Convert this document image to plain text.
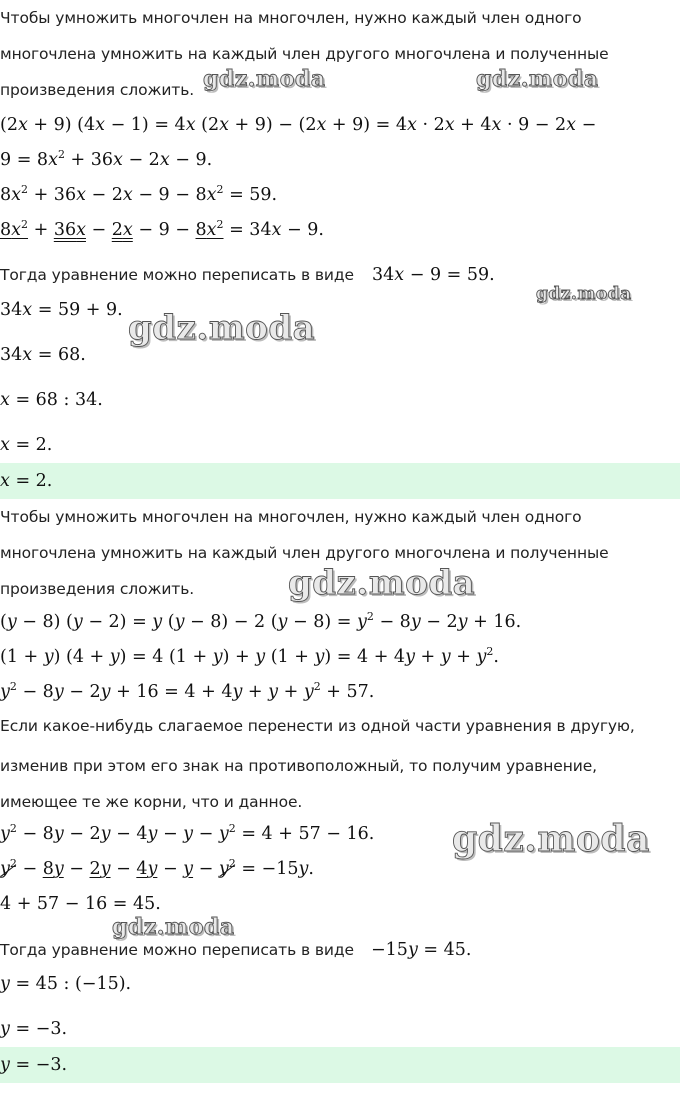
Чтобы умножить многочлен на многочлен, нужно каждый член одного

многочлена умножить на каждый член другого многочлена и полученные

произведения сложить. gdz.moda	gdz.moda
(2x + 9) (4x − 1) = 4x (2x + 9) − (2x + 9) = 4x · 2x + 4x · 9 − 2x −
$9 = 8x^2 + 36x - 2x - 9$.
$8x^2 + 36x - 2x - 9 - 8x^2 = 59$.
$8x^2 + 36x - 2x - 9 - 8x^2 = 34x - 9$.

Тогда уравнение можно переписать в виде 34x − 9 = 59.
gdz.moda
34x = 59 + 9. gdz.moda
34x = 68.
x = 68 : 34.
x = 2.
x = 2.

Чтобы умножить многочлен на многочлен, нужно каждый член одного

многочлена умножить на каждый член другого многочлена и полученные

произведения сложить.	gdz.moda
(y − 8) (y − 2) = y (y − 8) − 2 $(y - 8) = y^2 - 8y - 2y + 16$.
(1 + y) (4 + y) = 4 (1 + y) + y $(1 + y) = 4 + 4y + y + y^2$.
$y^2 - 8y - 2y + 16 = 4 + 4y + y + y^2 + 57$.

Если какое-нибудь слагаемое перенести из одной части уравнения в другую,

изменив при этом его знак на противоположный, то получим уравнение,

имеющее те же корни, что и данное.

$y^2 - 8y - 2y - 4y - y - y^2 = 4 + 57 - 16$. gdz.moda
$y^2 - 8y - 2y - 4y - y - y^2 = -15y$.
4 + 57 − 16 = 45.
gdz.moda

Тогда уравнение можно переписать в виде −15y = 45.
y = 45 : (−15).
y = −3.
y = −3.
